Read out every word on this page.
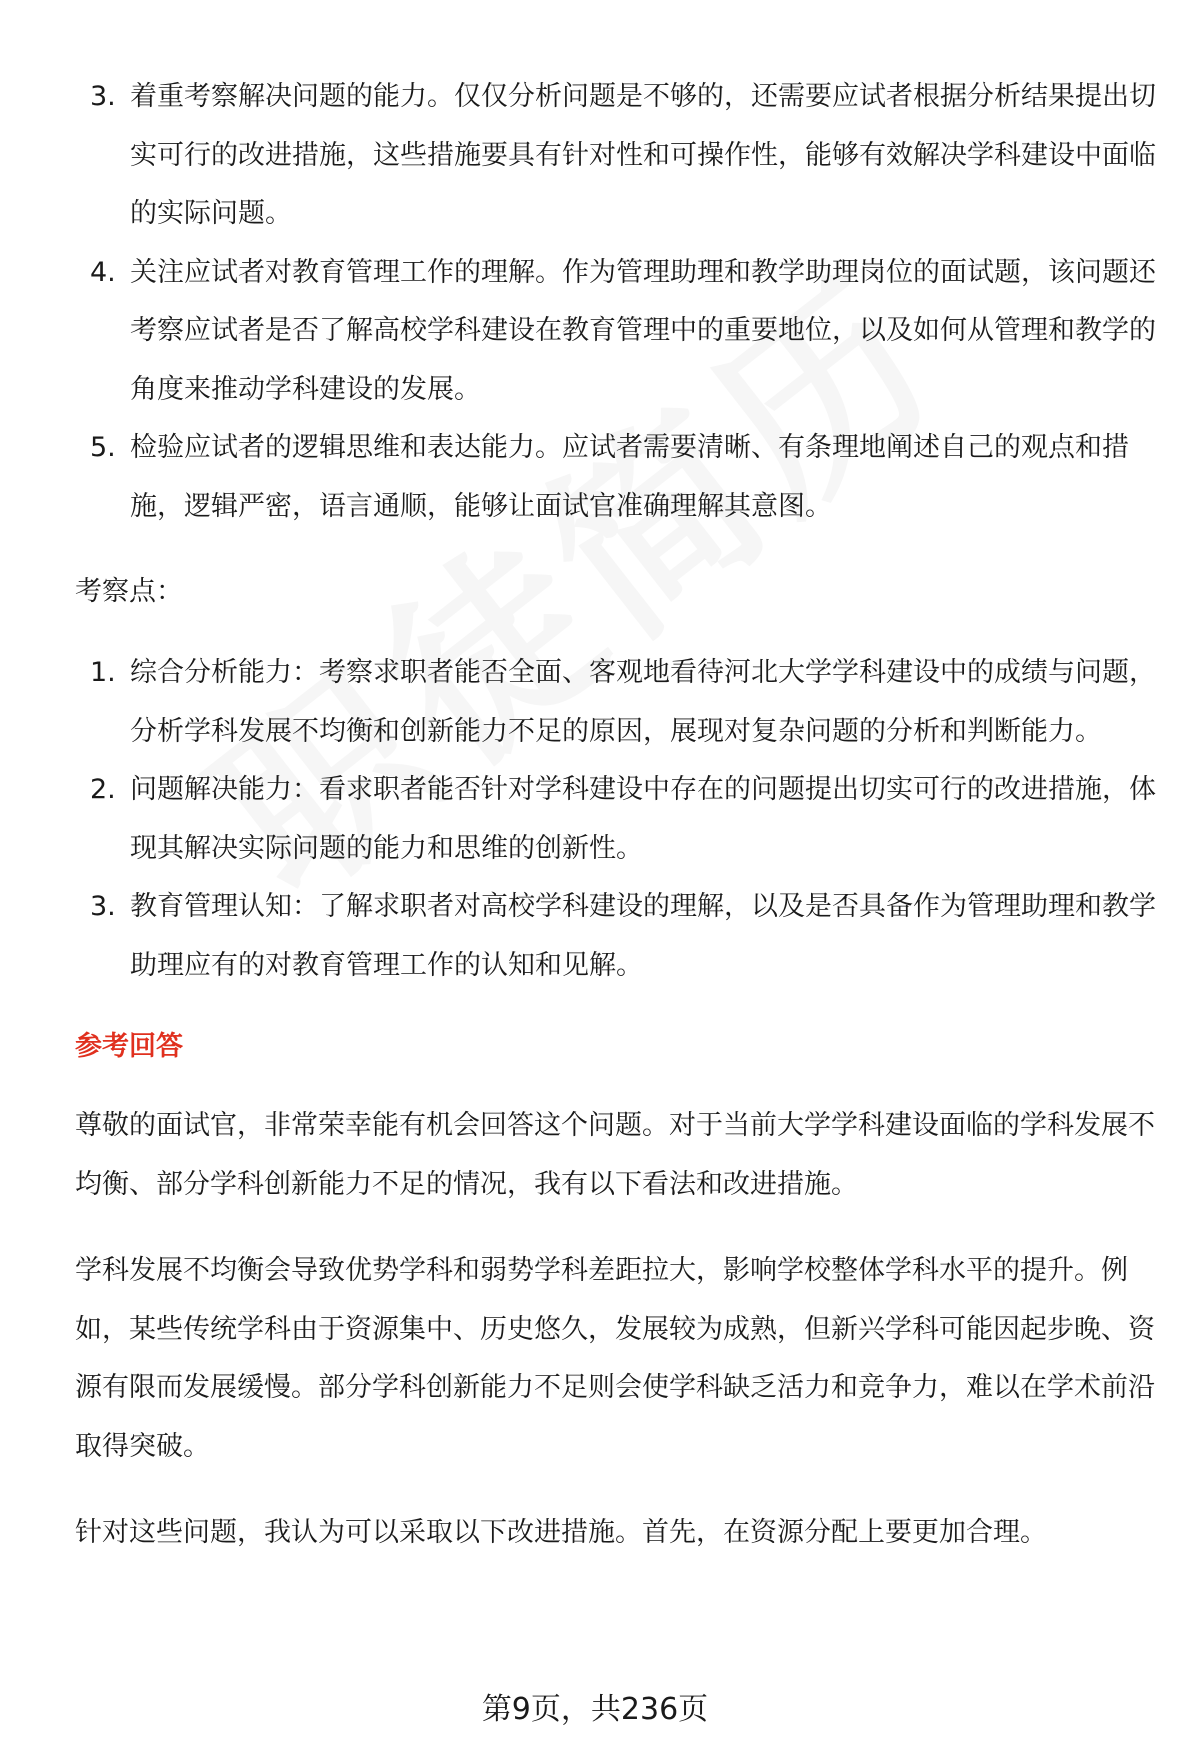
3. 着重考察解决问题的能力。仅仅分析问题是不够的，还需要应试者根据分析结果提出切实可行的改进措施，这些措施要具有针对性和可操作性，能够有效解决学科建设中面临的实际问题。
4. 关注应试者对教育管理工作的理解。作为管理助理和教学助理岗位的面试题，该问题还考察应试者是否了解高校学科建设在教育管理中的重要地位，以及如何从管理和教学的角度来推动学科建设的发展。
5. 检验应试者的逻辑思维和表达能力。应试者需要清晰、有条理地阐述自己的观点和措施，逻辑严密，语言通顺，能够让面试官准确理解其意图。
考察点：
1. 综合分析能力：考察求职者能否全面、客观地看待河北大学学科建设中的成绩与问题，分析学科发展不均衡和创新能力不足的原因，展现对复杂问题的分析和判断能力。
2. 问题解决能力：看求职者能否针对学科建设中存在的问题提出切实可行的改进措施，体现其解决实际问题的能力和思维的创新性。
3. 教育管理认知：了解求职者对高校学科建设的理解，以及是否具备作为管理助理和教学助理应有的对教育管理工作的认知和见解。
参考回答

尊敬的面试官，非常荣幸能有机会回答这个问题。对于当前大学学科建设面临的学科发展不均衡、部分学科创新能力不足的情况，我有以下看法和改进措施。

学科发展不均衡会导致优势学科和弱势学科差距拉大，影响学校整体学科水平的提升。例如，某些传统学科由于资源集中、历史悠久，发展较为成熟，但新兴学科可能因起步晚、资源有限而发展缓慢。部分学科创新能力不足则会使学科缺乏活力和竞争力，难以在学术前沿取得突破。

针对这些问题，我认为可以采取以下改进措施。首先，在资源分配上要更加合理。

第9页，共236页
